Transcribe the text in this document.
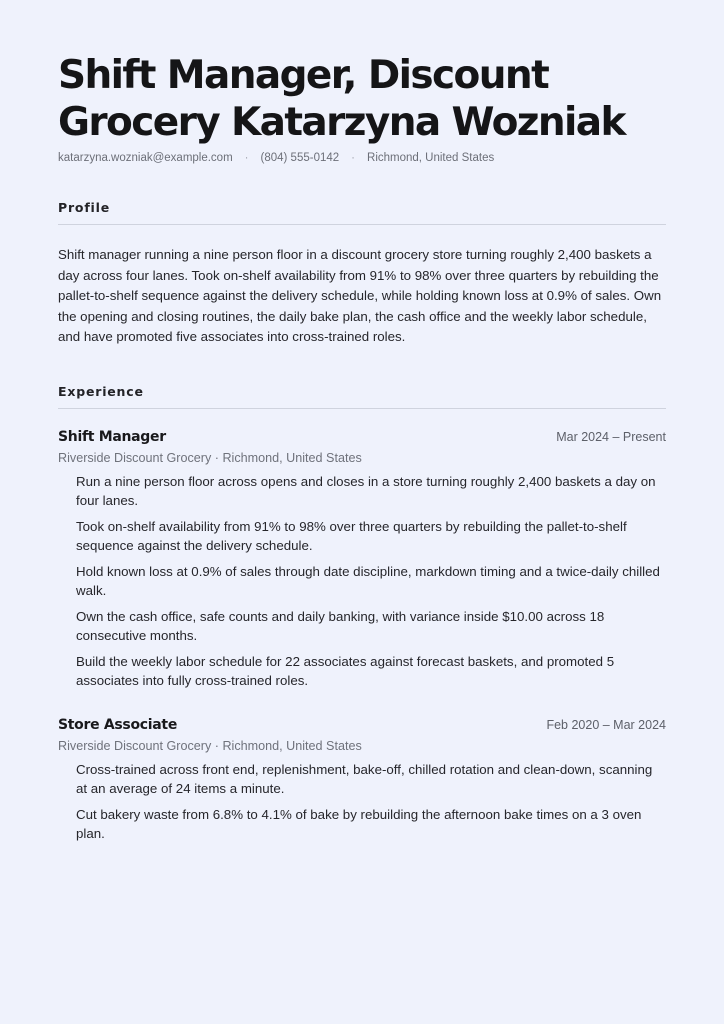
Shift Manager, Discount Grocery Katarzyna Wozniak
katarzyna.wozniak@example.com · (804) 555-0142 · Richmond, United States
Profile

Shift manager running a nine person floor in a discount grocery store turning roughly 2,400 baskets a day across four lanes. Took on-shelf availability from 91% to 98% over three quarters by rebuilding the pallet-to-shelf sequence against the delivery schedule, while holding known loss at 0.9% of sales. Own the opening and closing routines, the daily bake plan, the cash office and the weekly labor schedule, and have promoted five associates into cross-trained roles.

Experience
Shift Manager	Mar 2024 – Present
Riverside Discount Grocery · Richmond, United States
Run a nine person floor across opens and closes in a store turning roughly 2,400 baskets a day on four lanes.
Took on-shelf availability from 91% to 98% over three quarters by rebuilding the pallet-to-shelf sequence against the delivery schedule.
Hold known loss at 0.9% of sales through date discipline, markdown timing and a twice-daily chilled walk.
Own the cash office, safe counts and daily banking, with variance inside $10.00 across 18 consecutive months.
Build the weekly labor schedule for 22 associates against forecast baskets, and promoted 5 associates into fully cross-trained roles.
Store Associate	Feb 2020 – Mar 2024
Riverside Discount Grocery · Richmond, United States
Cross-trained across front end, replenishment, bake-off, chilled rotation and clean-down, scanning at an average of 24 items a minute.
Cut bakery waste from 6.8% to 4.1% of bake by rebuilding the afternoon bake times on a 3 oven plan.
